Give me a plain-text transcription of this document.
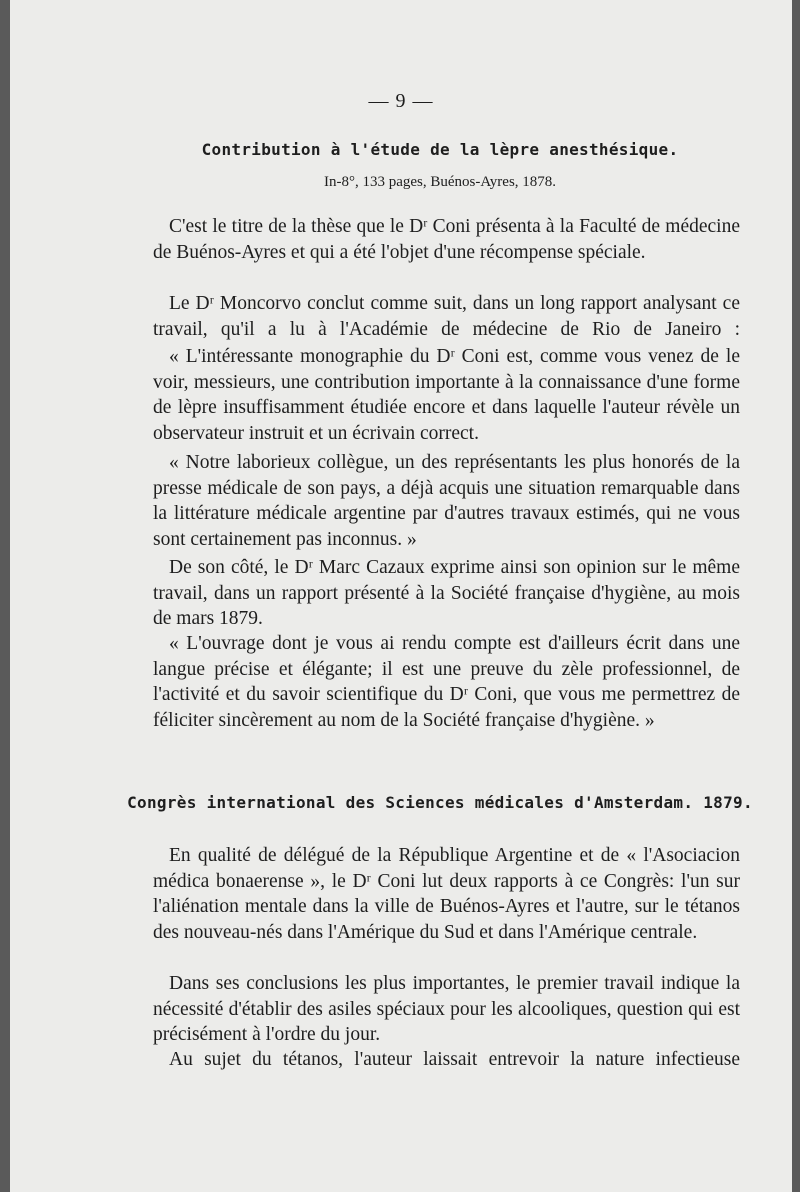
— 9 —
Contribution à l'étude de la lèpre anesthésique.
In-8°, 133 pages, Buénos-Ayres, 1878.

C'est le titre de la thèse que le Dʳ Coni présenta à la Faculté de médecine de Buénos-Ayres et qui a été l'objet d'une récompense spéciale.

Le Dʳ Moncorvo conclut comme suit, dans un long rapport analysant ce travail, qu'il a lu à l'Académie de médecine de Rio de Janeiro :

« L'intéressante monographie du Dʳ Coni est, comme vous venez de le voir, messieurs, une contribution importante à la connaissance d'une forme de lèpre insuffisamment étudiée encore et dans laquelle l'auteur révèle un observateur instruit et un écrivain correct.

« Notre laborieux collègue, un des représentants les plus honorés de la presse médicale de son pays, a déjà acquis une situation remarquable dans la littérature médicale argentine par d'autres travaux estimés, qui ne vous sont certainement pas inconnus. »

De son côté, le Dʳ Marc Cazaux exprime ainsi son opinion sur le même travail, dans un rapport présenté à la Société française d'hygiène, au mois de mars 1879.

« L'ouvrage dont je vous ai rendu compte est d'ailleurs écrit dans une langue précise et élégante; il est une preuve du zèle professionnel, de l'activité et du savoir scientifique du Dʳ Coni, que vous me permettrez de féliciter sincèrement au nom de la Société française d'hygiène. »

Congrès international des Sciences médicales d'Amsterdam. 1879.

En qualité de délégué de la République Argentine et de « l'Asociacion médica bonaerense », le Dʳ Coni lut deux rapports à ce Congrès: l'un sur l'aliénation mentale dans la ville de Buénos-Ayres et l'autre, sur le tétanos des nouveau-nés dans l'Amérique du Sud et dans l'Amérique centrale.

Dans ses conclusions les plus importantes, le premier travail indique la nécessité d'établir des asiles spéciaux pour les alcooliques, question qui est précisément à l'ordre du jour.

Au sujet du tétanos, l'auteur laissait entrevoir la nature infectieuse
